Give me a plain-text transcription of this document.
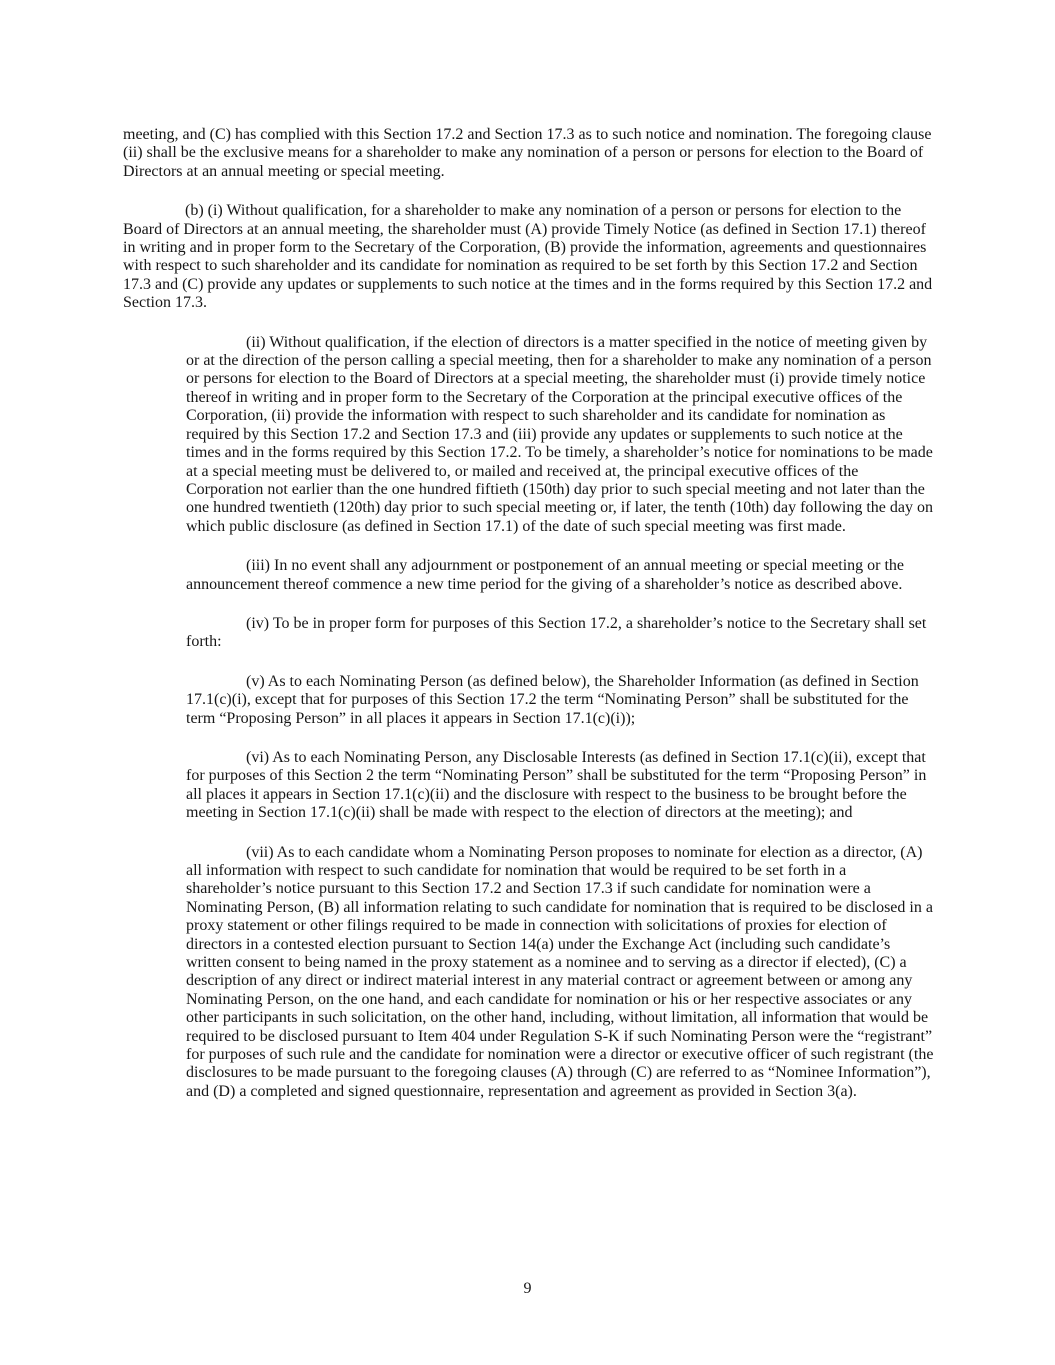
meeting, and (C) has complied with this Section 17.2 and Section 17.3 as to such notice and nomination. The foregoing clause (ii) shall be the exclusive means for a shareholder to make any nomination of a person or persons for election to the Board of Directors at an annual meeting or special meeting.

(b) (i) Without qualification, for a shareholder to make any nomination of a person or persons for election to the Board of Directors at an annual meeting, the shareholder must (A) provide Timely Notice (as defined in Section 17.1) thereof in writing and in proper form to the Secretary of the Corporation, (B) provide the information, agreements and questionnaires with respect to such shareholder and its candidate for nomination as required to be set forth by this Section 17.2 and Section 17.3 and (C) provide any updates or supplements to such notice at the times and in the forms required by this Section 17.2 and Section 17.3.

(ii) Without qualification, if the election of directors is a matter specified in the notice of meeting given by or at the direction of the person calling a special meeting, then for a shareholder to make any nomination of a person or persons for election to the Board of Directors at a special meeting, the shareholder must (i) provide timely notice thereof in writing and in proper form to the Secretary of the Corporation at the principal executive offices of the Corporation, (ii) provide the information with respect to such shareholder and its candidate for nomination as required by this Section 17.2 and Section 17.3 and (iii) provide any updates or supplements to such notice at the times and in the forms required by this Section 17.2. To be timely, a shareholder’s notice for nominations to be made at a special meeting must be delivered to, or mailed and received at, the principal executive offices of the Corporation not earlier than the one hundred fiftieth (150th) day prior to such special meeting and not later than the one hundred twentieth (120th) day prior to such special meeting or, if later, the tenth (10th) day following the day on which public disclosure (as defined in Section 17.1) of the date of such special meeting was first made.

(iii) In no event shall any adjournment or postponement of an annual meeting or special meeting or the announcement thereof commence a new time period for the giving of a shareholder’s notice as described above.

(iv) To be in proper form for purposes of this Section 17.2, a shareholder’s notice to the Secretary shall set forth:

(v) As to each Nominating Person (as defined below), the Shareholder Information (as defined in Section 17.1(c)(i), except that for purposes of this Section 17.2 the term “Nominating Person” shall be substituted for the term “Proposing Person” in all places it appears in Section 17.1(c)(i));

(vi) As to each Nominating Person, any Disclosable Interests (as defined in Section 17.1(c)(ii), except that for purposes of this Section 2 the term “Nominating Person” shall be substituted for the term “Proposing Person” in all places it appears in Section 17.1(c)(ii) and the disclosure with respect to the business to be brought before the meeting in Section 17.1(c)(ii) shall be made with respect to the election of directors at the meeting); and

(vii) As to each candidate whom a Nominating Person proposes to nominate for election as a director, (A) all information with respect to such candidate for nomination that would be required to be set forth in a shareholder’s notice pursuant to this Section 17.2 and Section 17.3 if such candidate for nomination were a Nominating Person, (B) all information relating to such candidate for nomination that is required to be disclosed in a proxy statement or other filings required to be made in connection with solicitations of proxies for election of directors in a contested election pursuant to Section 14(a) under the Exchange Act (including such candidate’s written consent to being named in the proxy statement as a nominee and to serving as a director if elected), (C) a description of any direct or indirect material interest in any material contract or agreement between or among any Nominating Person, on the one hand, and each candidate for nomination or his or her respective associates or any other participants in such solicitation, on the other hand, including, without limitation, all information that would be required to be disclosed pursuant to Item 404 under Regulation S-K if such Nominating Person were the “registrant” for purposes of such rule and the candidate for nomination were a director or executive officer of such registrant (the disclosures to be made pursuant to the foregoing clauses (A) through (C) are referred to as “Nominee Information”), and (D) a completed and signed questionnaire, representation and agreement as provided in Section 3(a).

9
